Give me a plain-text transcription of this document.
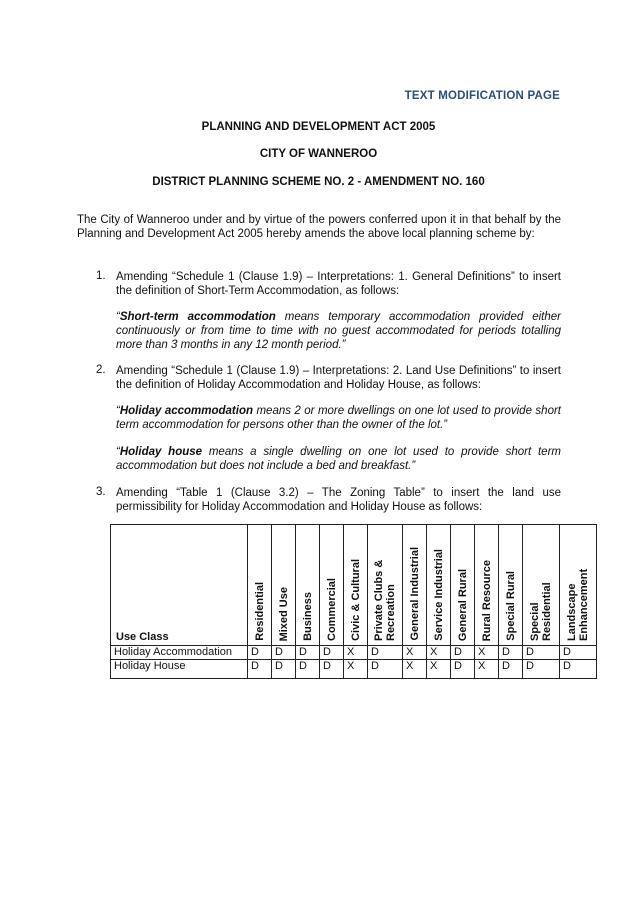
TEXT MODIFICATION PAGE
PLANNING AND DEVELOPMENT ACT 2005
CITY OF WANNEROO
DISTRICT PLANNING SCHEME NO. 2 - AMENDMENT NO. 160
The City of Wanneroo under and by virtue of the powers conferred upon it in that behalf by the Planning and Development Act 2005 hereby amends the above local planning scheme by:
1. Amending “Schedule 1 (Clause 1.9) – Interpretations: 1. General Definitions” to insert the definition of Short-Term Accommodation, as follows:
“Short-term accommodation means temporary accommodation provided either continuously or from time to time with no guest accommodated for periods totalling more than 3 months in any 12 month period.”
2. Amending “Schedule 1 (Clause 1.9) – Interpretations: 2. Land Use Definitions” to insert the definition of Holiday Accommodation and Holiday House, as follows:
“Holiday accommodation means 2 or more dwellings on one lot used to provide short term accommodation for persons other than the owner of the lot.”
“Holiday house means a single dwelling on one lot used to provide short term accommodation but does not include a bed and breakfast.”
3. Amending “Table 1 (Clause 3.2) – The Zoning Table” to insert the land use permissibility for Holiday Accommodation and Holiday House as follows:
Use Class	Residential	Mixed Use	Business	Commercial	Civic & Cultural	Private Clubs & Recreation	General Industrial	Service Industrial	General Rural	Rural Resource	Special Rural	Special Residential	Landscape Enhancement

Holiday Accommodation	D	D	D	D	X	D	X	X	D	X	D	D	D
Holiday House	D	D	D	D	X	D	X	X	D	X	D	D	D
